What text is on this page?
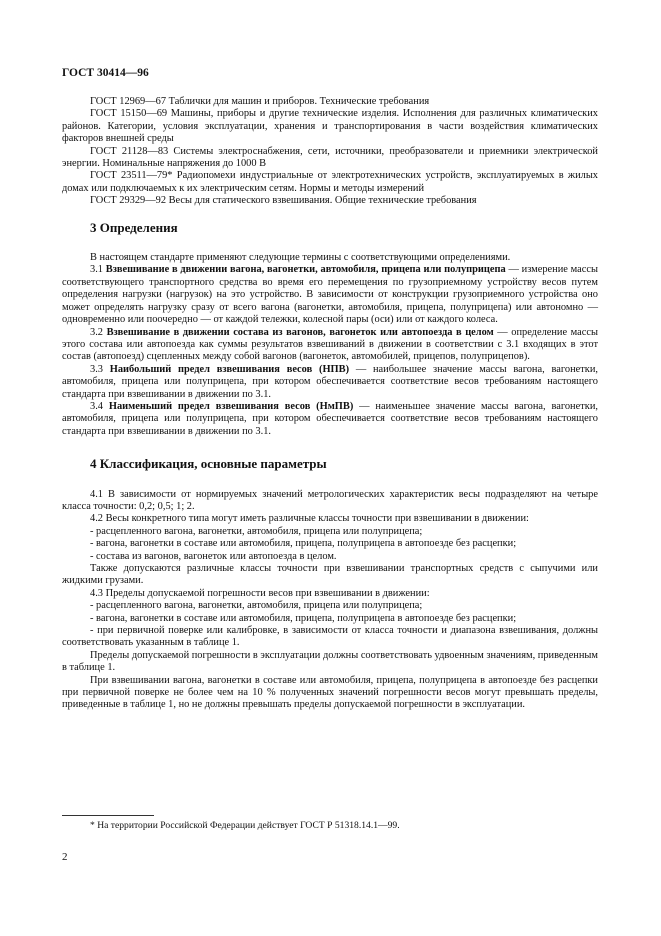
ГОСТ 30414—96

ГОСТ 12969—67 Таблички для машин и приборов. Технические требования

ГОСТ 15150—69 Машины, приборы и другие технические изделия. Исполнения для различных климатических районов. Категории, условия эксплуатации, хранения и транспортирования в части воздействия климатических факторов внешней среды

ГОСТ 21128—83 Системы электроснабжения, сети, источники, преобразователи и приемники электрической энергии. Номинальные напряжения до 1000 В

ГОСТ 23511—79* Радиопомехи индустриальные от электротехнических устройств, эксплуатируемых в жилых домах или подключаемых к их электрическим сетям. Нормы и методы измерений

ГОСТ 29329—92 Весы для статического взвешивания. Общие технические требования

3 Определения

В настоящем стандарте применяют следующие термины с соответствующими определениями.

3.1 Взвешивание в движении вагона, вагонетки, автомобиля, прицепа или полуприцепа — измерение массы соответствующего транспортного средства во время его перемещения по грузоприемному устройству весов путем определения нагрузки (нагрузок) на это устройство. В зависимости от конструкции грузоприемного устройства оно может определять нагрузку сразу от всего вагона (вагонетки, автомобиля, прицепа, полуприцепа) или автономно — одновременно или поочередно — от каждой тележки, колесной пары (оси) или от каждого колеса.

3.2 Взвешивание в движении состава из вагонов, вагонеток или автопоезда в целом — определение массы этого состава или автопоезда как суммы результатов взвешиваний в движении в соответствии с 3.1 входящих в этот состав (автопоезд) сцепленных между собой вагонов (вагонеток, автомобилей, прицепов, полуприцепов).

3.3 Наибольший предел взвешивания весов (НПВ) — наибольшее значение массы вагона, вагонетки, автомобиля, прицепа или полуприцепа, при котором обеспечивается соответствие весов требованиям настоящего стандарта при взвешивании в движении по 3.1.

3.4 Наименьший предел взвешивания весов (НмПВ) — наименьшее значение массы вагона, вагонетки, автомобиля, прицепа или полуприцепа, при котором обеспечивается соответствие весов требованиям настоящего стандарта при взвешивании в движении по 3.1.

4 Классификация, основные параметры

4.1 В зависимости от нормируемых значений метрологических характеристик весы подразделяют на четыре класса точности: 0,2; 0,5; 1; 2.

4.2 Весы конкретного типа могут иметь различные классы точности при взвешивании в движении:

- расцепленного вагона, вагонетки, автомобиля, прицепа или полуприцепа;

- вагона, вагонетки в составе или автомобиля, прицепа, полуприцепа в автопоезде без расцепки;

- состава из вагонов, вагонеток или автопоезда в целом.

Также допускаются различные классы точности при взвешивании транспортных средств с сыпучими или жидкими грузами.

4.3 Пределы допускаемой погрешности весов при взвешивании в движении:

- расцепленного вагона, вагонетки, автомобиля, прицепа или полуприцепа;

- вагона, вагонетки в составе или автомобиля, прицепа, полуприцепа в автопоезде без расцепки;

- при первичной поверке или калибровке, в зависимости от класса точности и диапазона взвешивания, должны соответствовать указанным в таблице 1.

Пределы допускаемой погрешности в эксплуатации должны соответствовать удвоенным значениям, приведенным в таблице 1.

При взвешивании вагона, вагонетки в составе или автомобиля, прицепа, полуприцепа в автопоезде без расцепки при первичной поверке не более чем на 10 % полученных значений погрешности весов могут превышать пределы, приведенные в таблице 1, но не должны превышать пределы допускаемой погрешности в эксплуатации.

* На территории Российской Федерации действует ГОСТ Р 51318.14.1—99.
2
